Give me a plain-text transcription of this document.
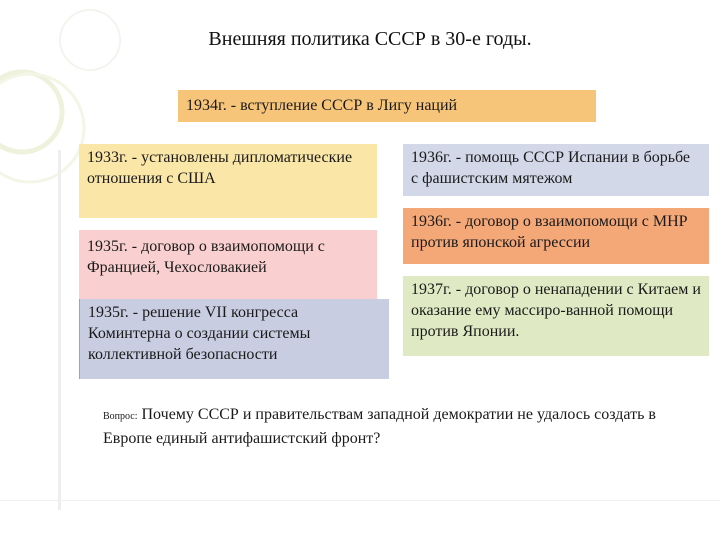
Внешняя политика СССР в 30-е годы.
1934г. - вступление СССР в Лигу наций
1933г. - установлены дипломатические отношения с США
1935г. - договор о взаимопомощи с Францией, Чехословакией
1935г. - решение VII конгресса Коминтерна о создании системы коллективной безопасности
1936г. - помощь СССР Испании в борьбе с фашистским мятежом
1936г. - договор о взаимопомощи с МНР против японской агрессии
1937г. - договор о ненападении с Китаем и оказание ему массиро-ванной помощи против Японии.
Вопрос: Почему СССР и правительствам западной демократии не удалось создать в Европе единый антифашистский фронт?
